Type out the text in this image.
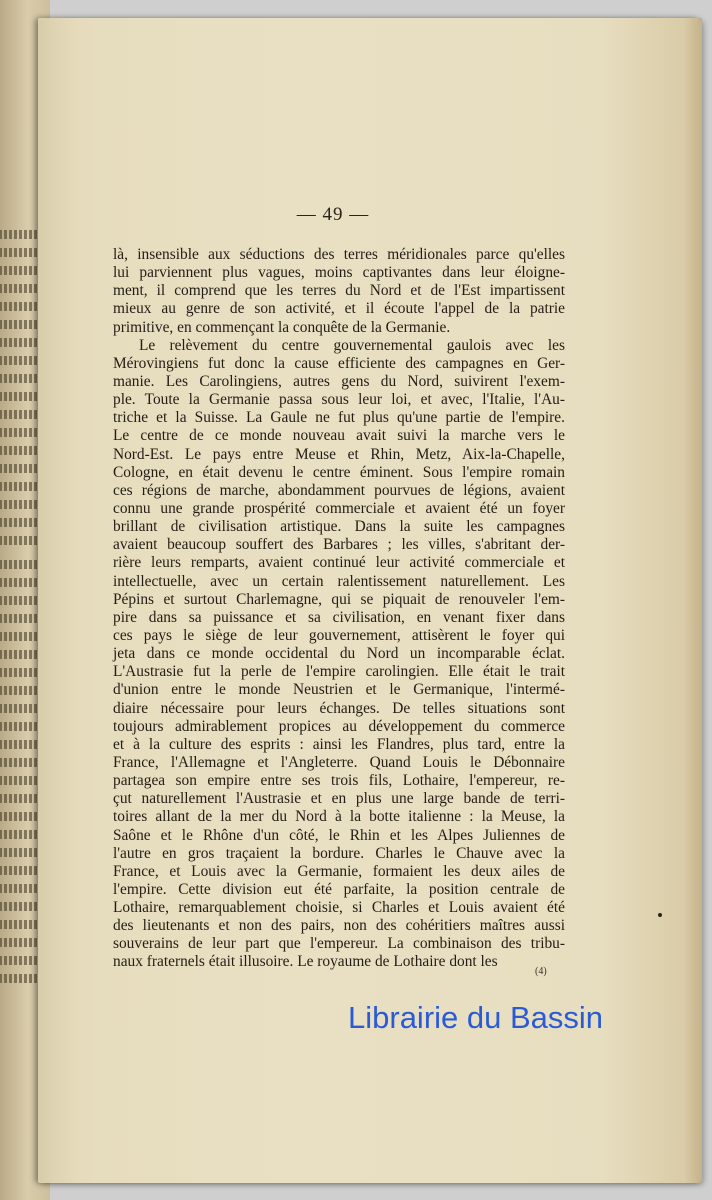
— 49 —
là, insensible aux séductions des terres méridionales parce qu'elles
lui parviennent plus vagues, moins captivantes dans leur éloigne-
ment, il comprend que les terres du Nord et de l'Est impartissent
mieux au genre de son activité, et il écoute l'appel de la patrie
primitive, en commençant la conquête de la Germanie.
Le relèvement du centre gouvernemental gaulois avec les
Mérovingiens fut donc la cause efficiente des campagnes en Ger-
manie. Les Carolingiens, autres gens du Nord, suivirent l'exem-
ple. Toute la Germanie passa sous leur loi, et avec, l'Italie, l'Au-
triche et la Suisse. La Gaule ne fut plus qu'une partie de l'empire.
Le centre de ce monde nouveau avait suivi la marche vers le
Nord-Est. Le pays entre Meuse et Rhin, Metz, Aix-la-Chapelle,
Cologne, en était devenu le centre éminent. Sous l'empire romain
ces régions de marche, abondamment pourvues de légions, avaient
connu une grande prospérité commerciale et avaient été un foyer
brillant de civilisation artistique. Dans la suite les campagnes
avaient beaucoup souffert des Barbares ; les villes, s'abritant der-
rière leurs remparts, avaient continué leur activité commerciale et
intellectuelle, avec un certain ralentissement naturellement. Les
Pépins et surtout Charlemagne, qui se piquait de renouveler l'em-
pire dans sa puissance et sa civilisation, en venant fixer dans
ces pays le siège de leur gouvernement, attisèrent le foyer qui
jeta dans ce monde occidental du Nord un incomparable éclat.
L'Austrasie fut la perle de l'empire carolingien. Elle était le trait
d'union entre le monde Neustrien et le Germanique, l'intermé-
diaire nécessaire pour leurs échanges. De telles situations sont
toujours admirablement propices au développement du commerce
et à la culture des esprits : ainsi les Flandres, plus tard, entre la
France, l'Allemagne et l'Angleterre. Quand Louis le Débonnaire
partagea son empire entre ses trois fils, Lothaire, l'empereur, re-
çut naturellement l'Austrasie et en plus une large bande de terri-
toires allant de la mer du Nord à la botte italienne : la Meuse, la
Saône et le Rhône d'un côté, le Rhin et les Alpes Juliennes de
l'autre en gros traçaient la bordure. Charles le Chauve avec la
France, et Louis avec la Germanie, formaient les deux ailes de
l'empire. Cette division eut été parfaite, la position centrale de
Lothaire, remarquablement choisie, si Charles et Louis avaient été
des lieutenants et non des pairs, non des cohéritiers maîtres aussi
souverains de leur part que l'empereur. La combinaison des tribu-
naux fraternels était illusoire. Le royaume de Lothaire dont les
(4)
Librairie du Bassin
